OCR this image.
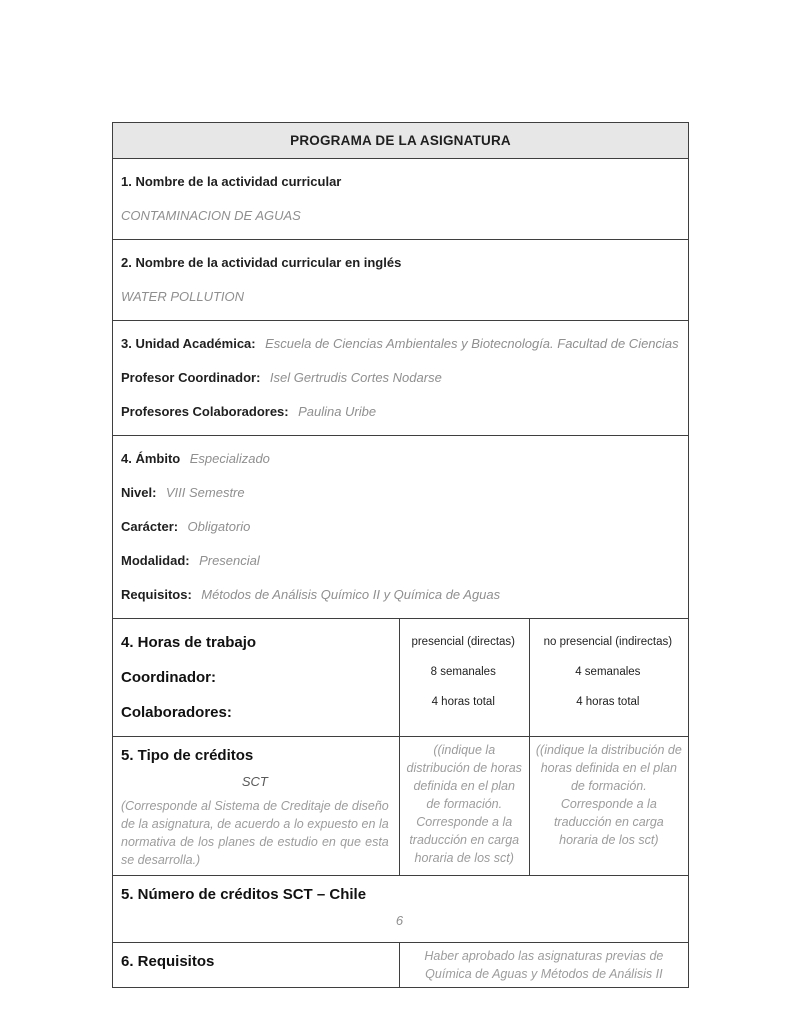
PROGRAMA DE LA ASIGNATURA
1. Nombre de la actividad curricular
CONTAMINACION DE AGUAS
2. Nombre de la actividad curricular en inglés
WATER POLLUTION
3. Unidad Académica: Escuela de Ciencias Ambientales y Biotecnología. Facultad de Ciencias
Profesor Coordinador: Isel Gertrudis Cortes Nodarse
Profesores Colaboradores: Paulina Uribe
4. Ámbito Especializado
Nivel: VIII Semestre
Carácter: Obligatorio
Modalidad: Presencial
Requisitos: Métodos de Análisis Químico II y Química de Aguas
4. Horas de trabajo
Coordinador:
Colaboradores:
presencial (directas)
8 semanales
4 horas total
no presencial (indirectas)
4 semanales
4 horas total
5. Tipo de créditos
SCT
(Corresponde al Sistema de Creditaje de diseño de la asignatura, de acuerdo a lo expuesto en la normativa de los planes de estudio en que esta se desarrolla.)
((indique la distribución de horas definida en el plan de formación. Corresponde a la traducción en carga horaria de los sct)
((indique la distribución de horas definida en el plan de formación. Corresponde a la traducción en carga horaria de los sct)
5. Número de créditos SCT – Chile
6
6. Requisitos	Haber aprobado las asignaturas previas de Química de Aguas y Métodos de Análisis II
